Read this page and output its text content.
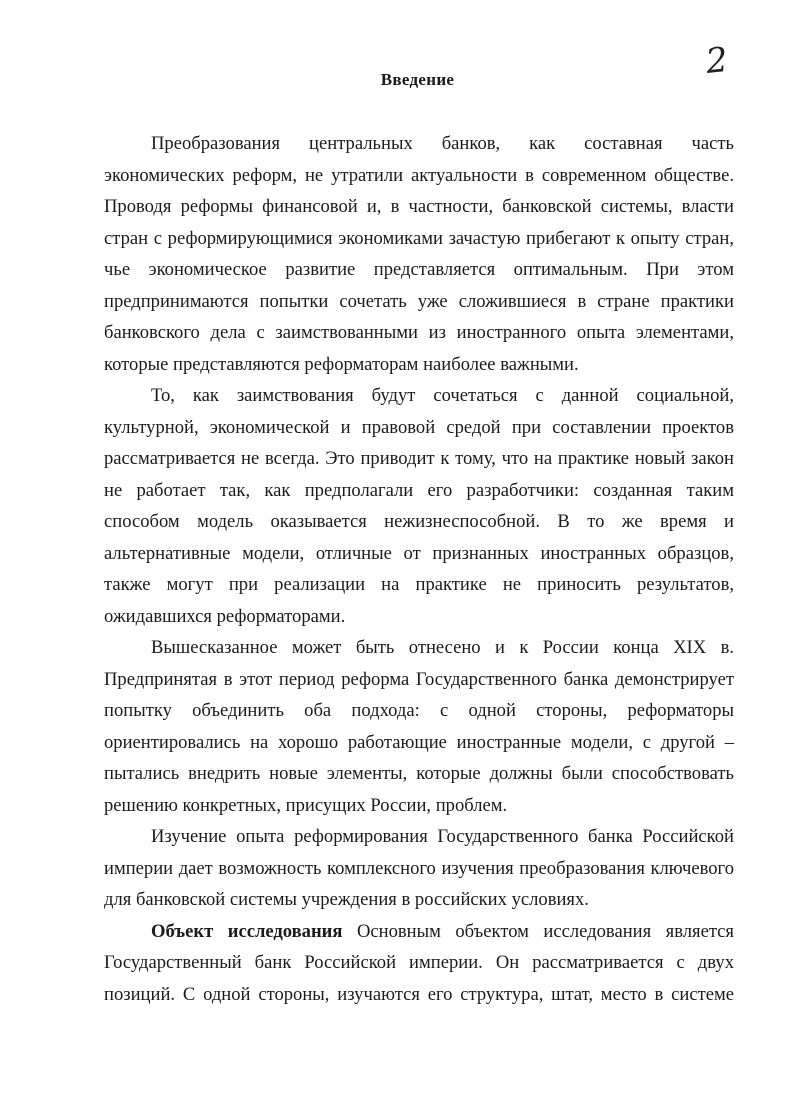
2
Введение

Преобразования центральных банков, как составная часть экономических реформ, не утратили актуальности в современном обществе. Проводя реформы финансовой и, в частности, банковской системы, власти стран с реформирующимися экономиками зачастую прибегают к опыту стран, чье экономическое развитие представляется оптимальным. При этом предпринимаются попытки сочетать уже сложившиеся в стране практики банковского дела с заимствованными из иностранного опыта элементами, которые представляются реформаторам наиболее важными.

То, как заимствования будут сочетаться с данной социальной, культурной, экономической и правовой средой при составлении проектов рассматривается не всегда. Это приводит к тому, что на практике новый закон не работает так, как предполагали его разработчики: созданная таким способом модель оказывается нежизнеспособной. В то же время и альтернативные модели, отличные от признанных иностранных образцов, также могут при реализации на практике не приносить результатов, ожидавшихся реформаторами.

Вышесказанное может быть отнесено и к России конца XIX в. Предпринятая в этот период реформа Государственного банка демонстрирует попытку объединить оба подхода: с одной стороны, реформаторы ориентировались на хорошо работающие иностранные модели, с другой – пытались внедрить новые элементы, которые должны были способствовать решению конкретных, присущих России, проблем.

Изучение опыта реформирования Государственного банка Российской империи дает возможность комплексного изучения преобразования ключевого для банковской системы учреждения в российских условиях.

Объект исследования Основным объектом исследования является Государственный банк Российской империи. Он рассматривается с двух позиций. С одной стороны, изучаются его структура, штат, место в системе
